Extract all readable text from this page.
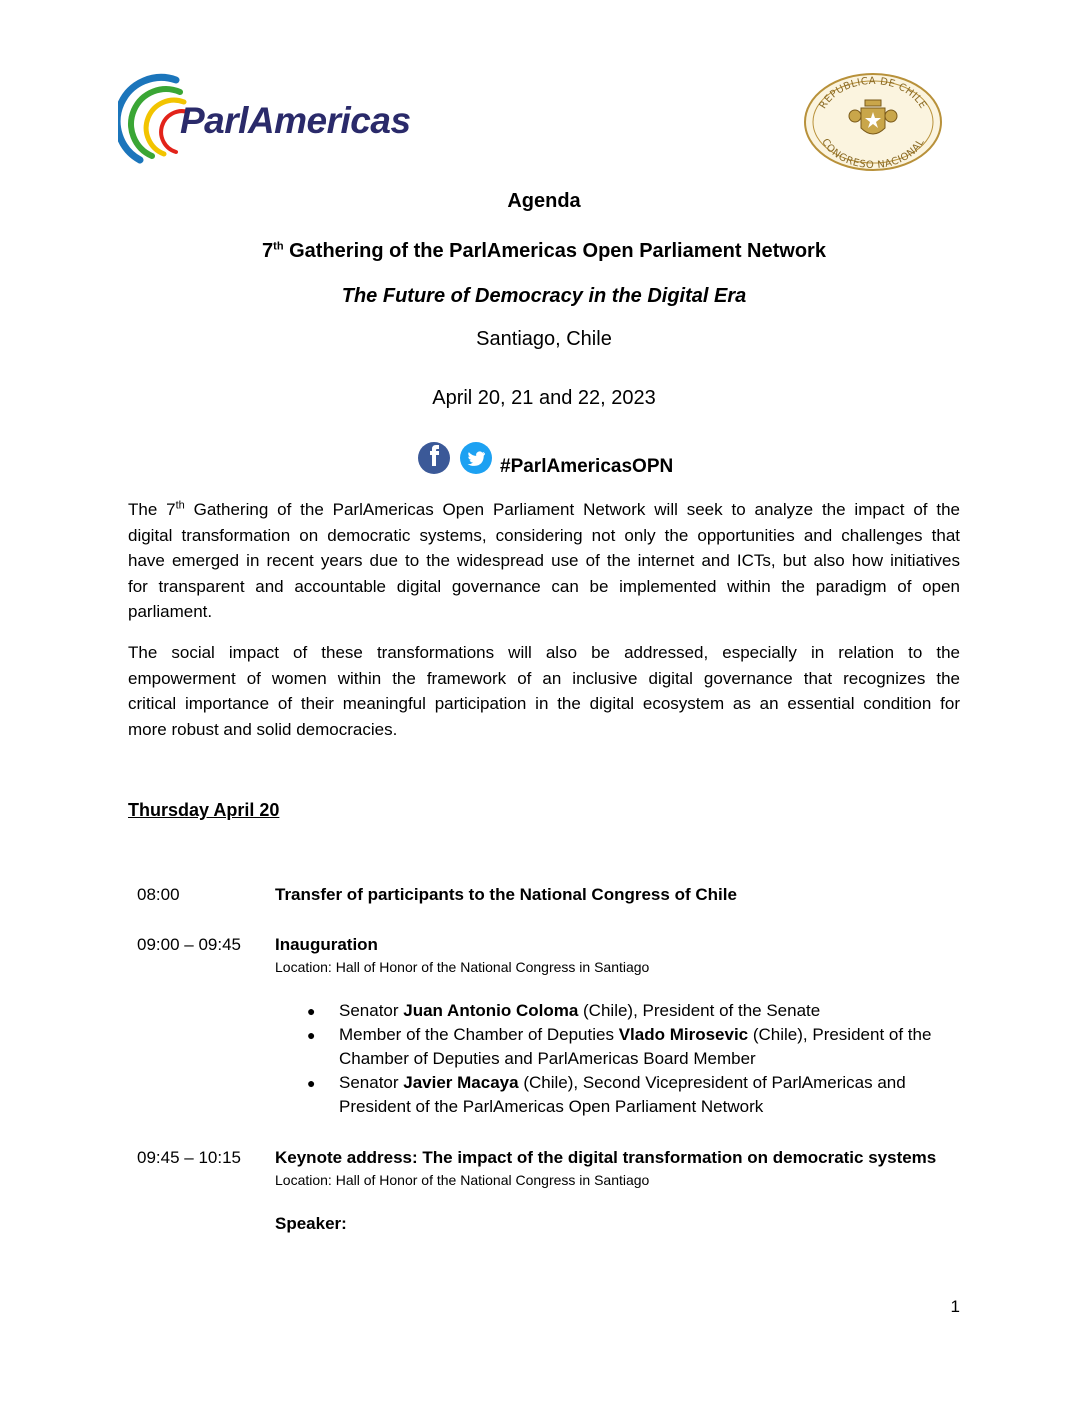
ParlAmericas	REPUBLICA DE CHILE
CONGRESO NACIONAL
Agenda
7th Gathering of the ParlAmericas Open Parliament Network
The Future of Democracy in the Digital Era
Santiago, Chile
April 20, 21 and 22, 2023
#ParlAmericasOPN
The 7th Gathering of the ParlAmericas Open Parliament Network will seek to analyze the impact of the
digital transformation on democratic systems, considering not only the opportunities and challenges that
have emerged in recent years due to the widespread use of the internet and ICTs, but also how initiatives
for transparent and accountable digital governance can be implemented within the paradigm of open
parliament.
The social impact of these transformations will also be addressed, especially in relation to the
empowerment of women within the framework of an inclusive digital governance that recognizes the
critical importance of their meaningful participation in the digital ecosystem as an essential condition for
more robust and solid democracies.
Thursday April 20
08:00	Transfer of participants to the National Congress of Chile
09:00 – 09:45 Inauguration
Location: Hall of Honor of the National Congress in Santiago
● Senator Juan Antonio Coloma (Chile), President of the Senate
● Member of the Chamber of Deputies Vlado Mirosevic (Chile), President of the Chamber of Deputies and ParlAmericas Board Member
● Senator Javier Macaya (Chile), Second Vicepresident of ParlAmericas and President of the ParlAmericas Open Parliament Network
09:45 – 10:15 Keynote address: The impact of the digital transformation on democratic systems
Location: Hall of Honor of the National Congress in Santiago
Speaker:
1
